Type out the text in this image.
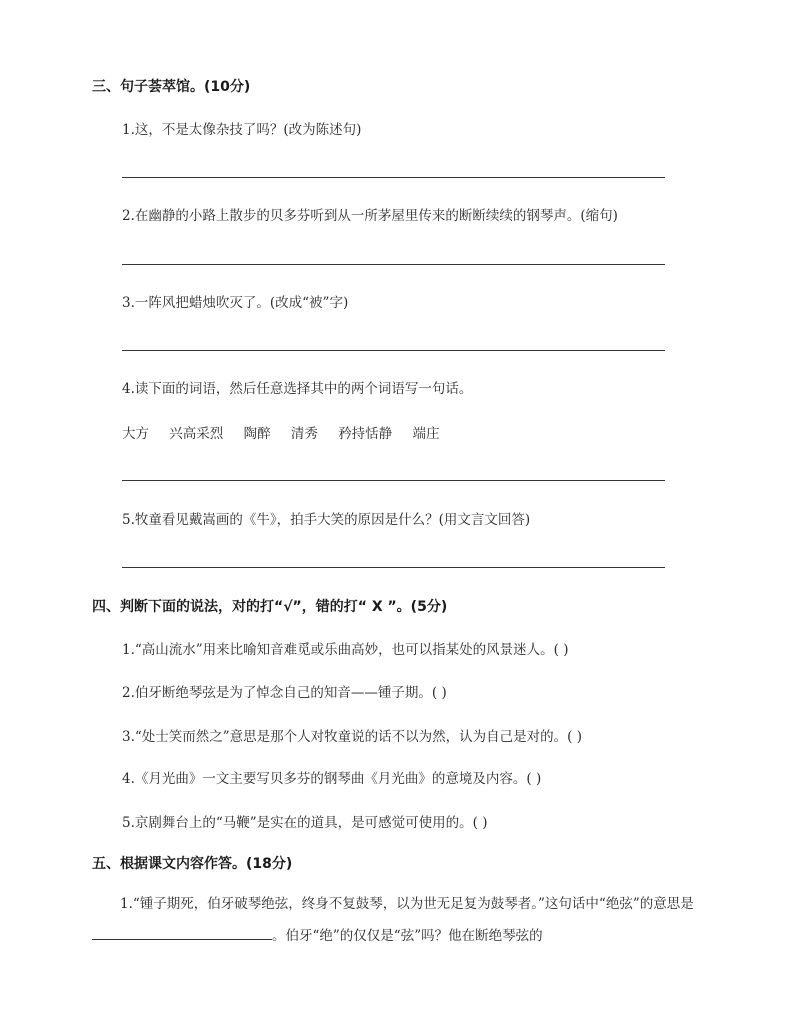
三、句子荟萃馆。(10分)
1.这，不是太像杂技了吗？(改为陈述句)
2.在幽静的小路上散步的贝多芬听到从一所茅屋里传来的断断续续的钢琴声。(缩句)
3.一阵风把蜡烛吹灭了。(改成“被”字)
4.读下面的词语，然后任意选择其中的两个词语写一句话。
大方 兴高采烈 陶醉 清秀 矜持恬静 端庄
5.牧童看见戴嵩画的《牛》，拍手大笑的原因是什么？(用文言文回答)
四、判断下面的说法，对的打“√”，错的打“ X ”。(5分)
1.“高山流水”用来比喻知音难觅或乐曲高妙，也可以指某处的风景迷人。( )
2.伯牙断绝琴弦是为了悼念自己的知音——锺子期。( )
3.“处士笑而然之”意思是那个人对牧童说的话不以为然，认为自己是对的。( )
4.《月光曲》一文主要写贝多芬的钢琴曲《月光曲》的意境及内容。( )
5.京剧舞台上的“马鞭”是实在的道具，是可感觉可使用的。( )
五、根据课文内容作答。(18分)
1.“锺子期死，伯牙破琴绝弦，终身不复鼓琴，以为世无足复为鼓琴者。”这句话中“绝弦”的意思是。伯牙“绝”的仅仅是“弦”吗？他在断绝琴弦的
